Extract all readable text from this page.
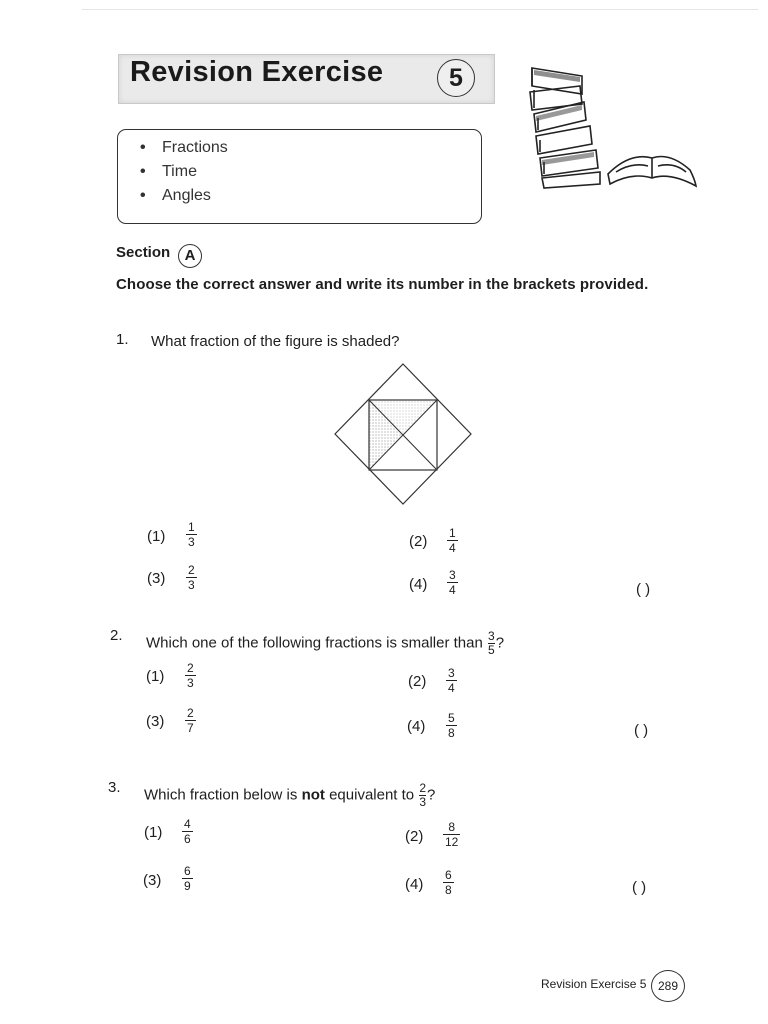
Revision Exercise	5
• Fractions
• Time
• Angles
Section A
Choose the correct answer and write its number in the brackets provided.
1. What fraction of the figure is shaded?
$(1) \frac{1}{3}$	$(2) \frac{1}{4}$
$(3) \frac{2}{3}$	$(4) \frac{3}{4}$	( )
2. Which one of the following fractions is smaller than $\frac{3}{5}$ ?
$(1) \frac{2}{3}$	$(2) \frac{3}{4}$
$(3) \frac{2}{7}$	$(4) \frac{5}{8}$	( )
3. Which fraction below is not equivalent to $\frac{2}{3}$ ?
$(1) \frac{4}{6}$	$(2) \frac{8}{12}$
$(3) \frac{6}{9}$	$(4) \frac{6}{8}$	( )
Revision Exercise 5 289
